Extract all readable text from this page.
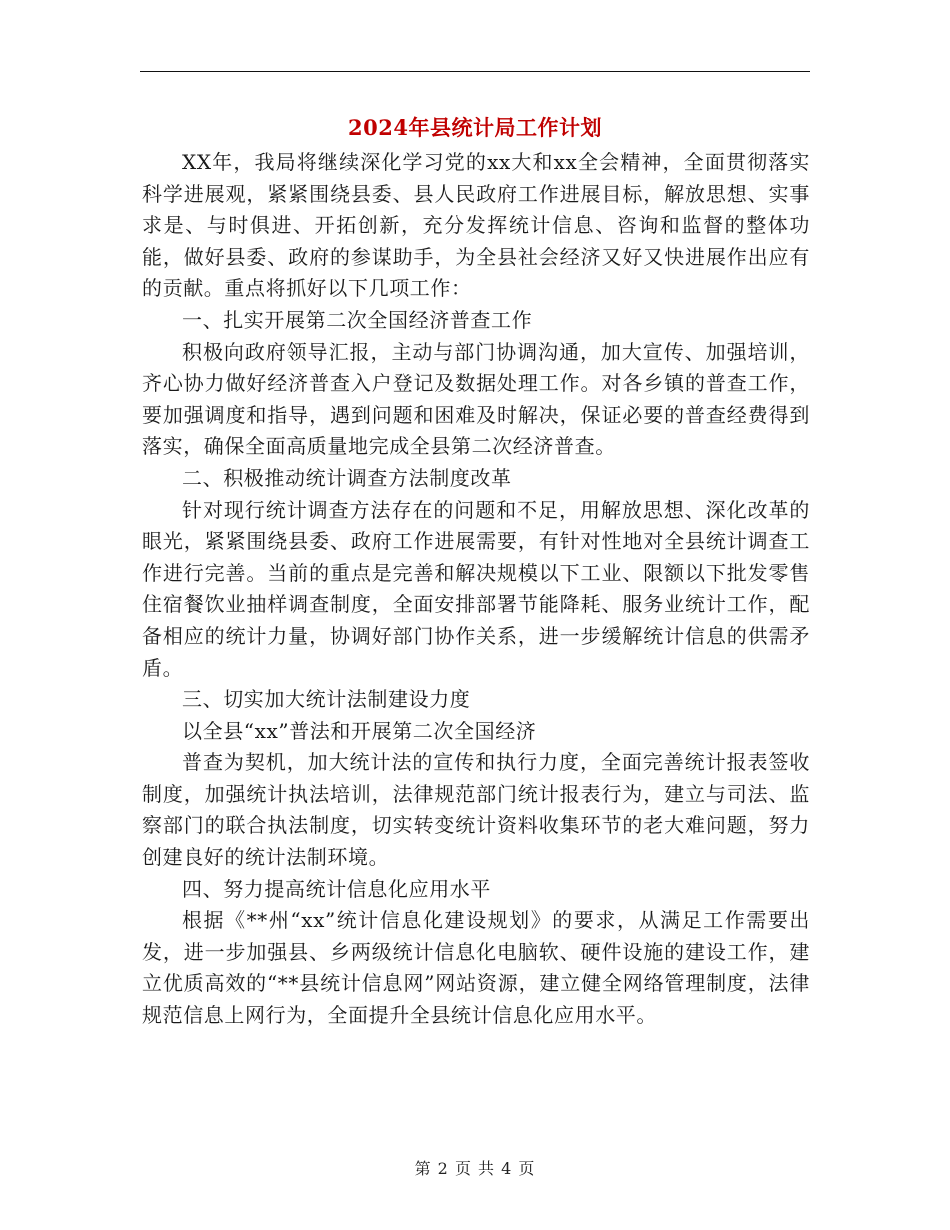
2024年县统计局工作计划

XX年，我局将继续深化学习党的xx大和xx全会精神，全面贯彻落实科学进展观，紧紧围绕县委、县人民政府工作进展目标，解放思想、实事求是、与时俱进、开拓创新，充分发挥统计信息、咨询和监督的整体功能，做好县委、政府的参谋助手，为全县社会经济又好又快进展作出应有的贡献。重点将抓好以下几项工作：

一、扎实开展第二次全国经济普查工作

积极向政府领导汇报，主动与部门协调沟通，加大宣传、加强培训，齐心协力做好经济普查入户登记及数据处理工作。对各乡镇的普查工作，要加强调度和指导，遇到问题和困难及时解决，保证必要的普查经费得到落实，确保全面高质量地完成全县第二次经济普查。

二、积极推动统计调查方法制度改革

针对现行统计调查方法存在的问题和不足，用解放思想、深化改革的眼光，紧紧围绕县委、政府工作进展需要，有针对性地对全县统计调查工作进行完善。当前的重点是完善和解决规模以下工业、限额以下批发零售住宿餐饮业抽样调查制度，全面安排部署节能降耗、服务业统计工作，配备相应的统计力量，协调好部门协作关系，进一步缓解统计信息的供需矛盾。

三、切实加大统计法制建设力度

以全县“xx”普法和开展第二次全国经济

普查为契机，加大统计法的宣传和执行力度，全面完善统计报表签收制度，加强统计执法培训，法律规范部门统计报表行为，建立与司法、监察部门的联合执法制度，切实转变统计资料收集环节的老大难问题，努力创建良好的统计法制环境。

四、努力提高统计信息化应用水平

根据《**州“xx”统计信息化建设规划》的要求，从满足工作需要出发，进一步加强县、乡两级统计信息化电脑软、硬件设施的建设工作，建立优质高效的“**县统计信息网”网站资源，建立健全网络管理制度，法律规范信息上网行为，全面提升全县统计信息化应用水平。

第 2 页 共 4 页
